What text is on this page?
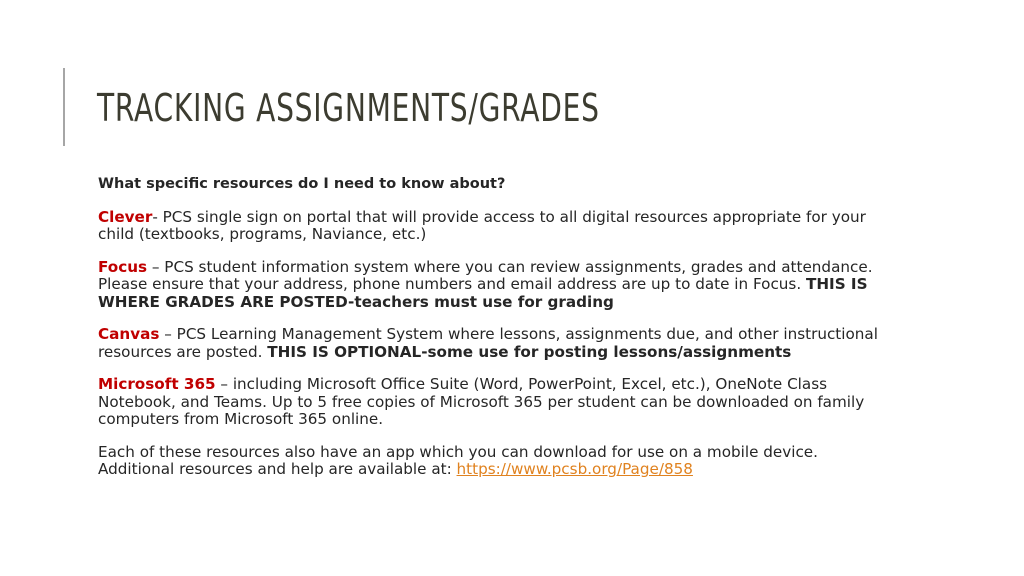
TRACKING ASSIGNMENTS/GRADES

What specific resources do I need to know about?

Clever- PCS single sign on portal that will provide access to all digital resources appropriate for your child (textbooks, programs, Naviance, etc.)

Focus – PCS student information system where you can review assignments, grades and attendance. Please ensure that your address, phone numbers and email address are up to date in Focus. THIS IS WHERE GRADES ARE POSTED-teachers must use for grading

Canvas – PCS Learning Management System where lessons, assignments due, and other instructional resources are posted. THIS IS OPTIONAL-some use for posting lessons/assignments

Microsoft 365 – including Microsoft Office Suite (Word, PowerPoint, Excel, etc.), OneNote Class Notebook, and Teams. Up to 5 free copies of Microsoft 365 per student can be downloaded on family computers from Microsoft 365 online.

Each of these resources also have an app which you can download for use on a mobile device. Additional resources and help are available at: https://www.pcsb.org/Page/858
